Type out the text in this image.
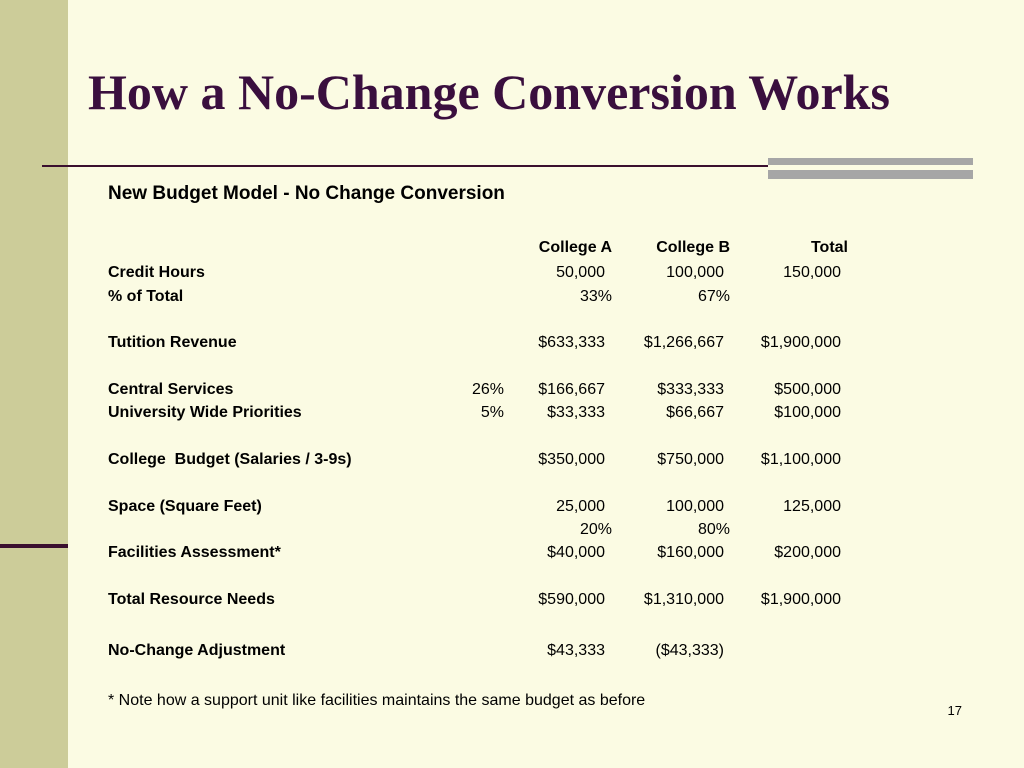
How a No-Change Conversion Works
New Budget Model - No Change Conversion
College A	College B	Total
Credit Hours	50,000	100,000	150,000
% of Total	33%	67%
Tutition Revenue	$633,333	$1,266,667	$1,900,000
Central Services	26%	$166,667	$333,333	$500,000
University Wide Priorities	5%	$33,333	$66,667	$100,000
College  Budget (Salaries / 3-9s)	$350,000	$750,000	$1,100,000
Space (Square Feet)	25,000	100,000	125,000
20%	80%
Facilities Assessment*	$40,000	$160,000	$200,000
Total Resource Needs	$590,000	$1,310,000	$1,900,000
No-Change Adjustment	$43,333	($43,333)
* Note how a support unit like facilities maintains the same budget as before
17
